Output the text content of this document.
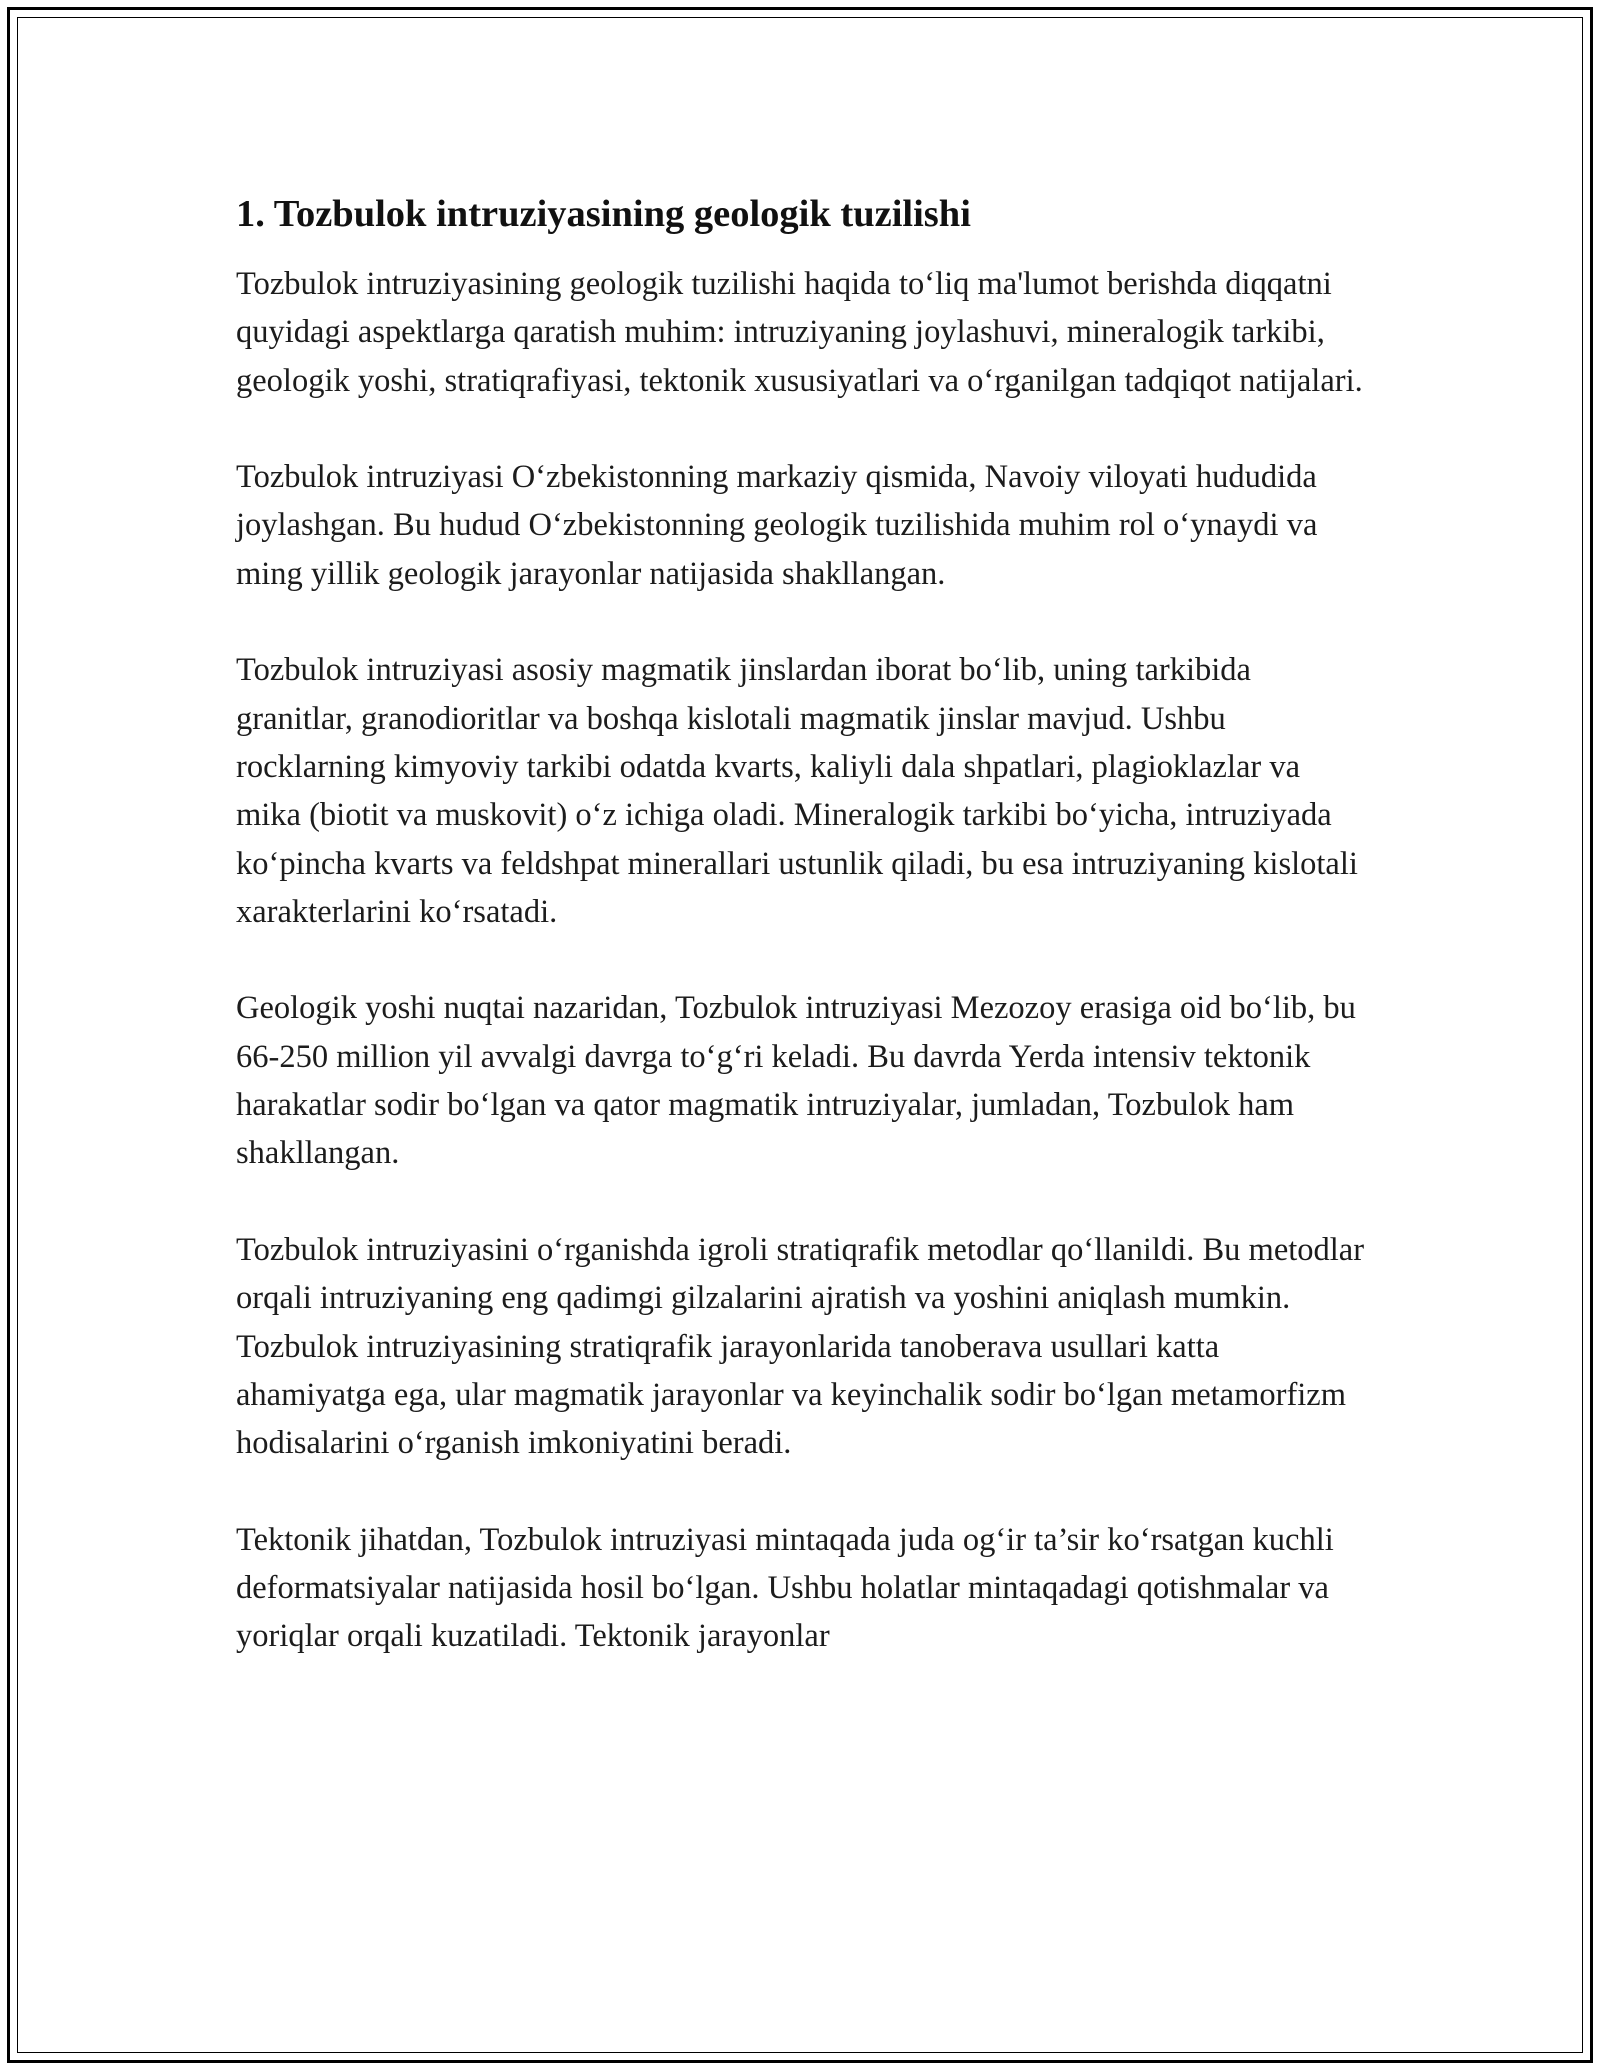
1. Tozbulok intruziyasining geologik tuzilishi

Tozbulok intruziyasining geologik tuzilishi haqida to‘liq ma'lumot berishda diqqatni quyidagi aspektlarga qaratish muhim: intruziyaning joylashuvi, mineralogik tarkibi, geologik yoshi, stratiqrafiyasi, tektonik xususiyatlari va o‘rganilgan tadqiqot natijalari.

Tozbulok intruziyasi O‘zbekistonning markaziy qismida, Navoiy viloyati hududida joylashgan. Bu hudud O‘zbekistonning geologik tuzilishida muhim rol o‘ynaydi va ming yillik geologik jarayonlar natijasida shakllangan.

Tozbulok intruziyasi asosiy magmatik jinslardan iborat bo‘lib, uning tarkibida granitlar, granodioritlar va boshqa kislotali magmatik jinslar mavjud. Ushbu rocklarning kimyoviy tarkibi odatda kvarts, kaliyli dala shpatlari, plagioklazlar va mika (biotit va muskovit) o‘z ichiga oladi. Mineralogik tarkibi bo‘yicha, intruziyada ko‘pincha kvarts va feldshpat minerallari ustunlik qiladi, bu esa intruziyaning kislotali xarakterlarini ko‘rsatadi.

Geologik yoshi nuqtai nazaridan, Tozbulok intruziyasi Mezozoy erasiga oid bo‘lib, bu 66-250 million yil avvalgi davrga to‘g‘ri keladi. Bu davrda Yerda intensiv tektonik harakatlar sodir bo‘lgan va qator magmatik intruziyalar, jumladan, Tozbulok ham shakllangan.

Tozbulok intruziyasini o‘rganishda igroli stratiqrafik metodlar qo‘llanildi. Bu metodlar orqali intruziyaning eng qadimgi gilzalarini ajratish va yoshini aniqlash mumkin. Tozbulok intruziyasining stratiqrafik jarayonlarida tanoberava usullari katta ahamiyatga ega, ular magmatik jarayonlar va keyinchalik sodir bo‘lgan metamorfizm hodisalarini o‘rganish imkoniyatini beradi.

Tektonik jihatdan, Tozbulok intruziyasi mintaqada juda og‘ir ta’sir ko‘rsatgan kuchli deformatsiyalar natijasida hosil bo‘lgan. Ushbu holatlar mintaqadagi qotishmalar va yoriqlar orqali kuzatiladi. Tektonik jarayonlar
